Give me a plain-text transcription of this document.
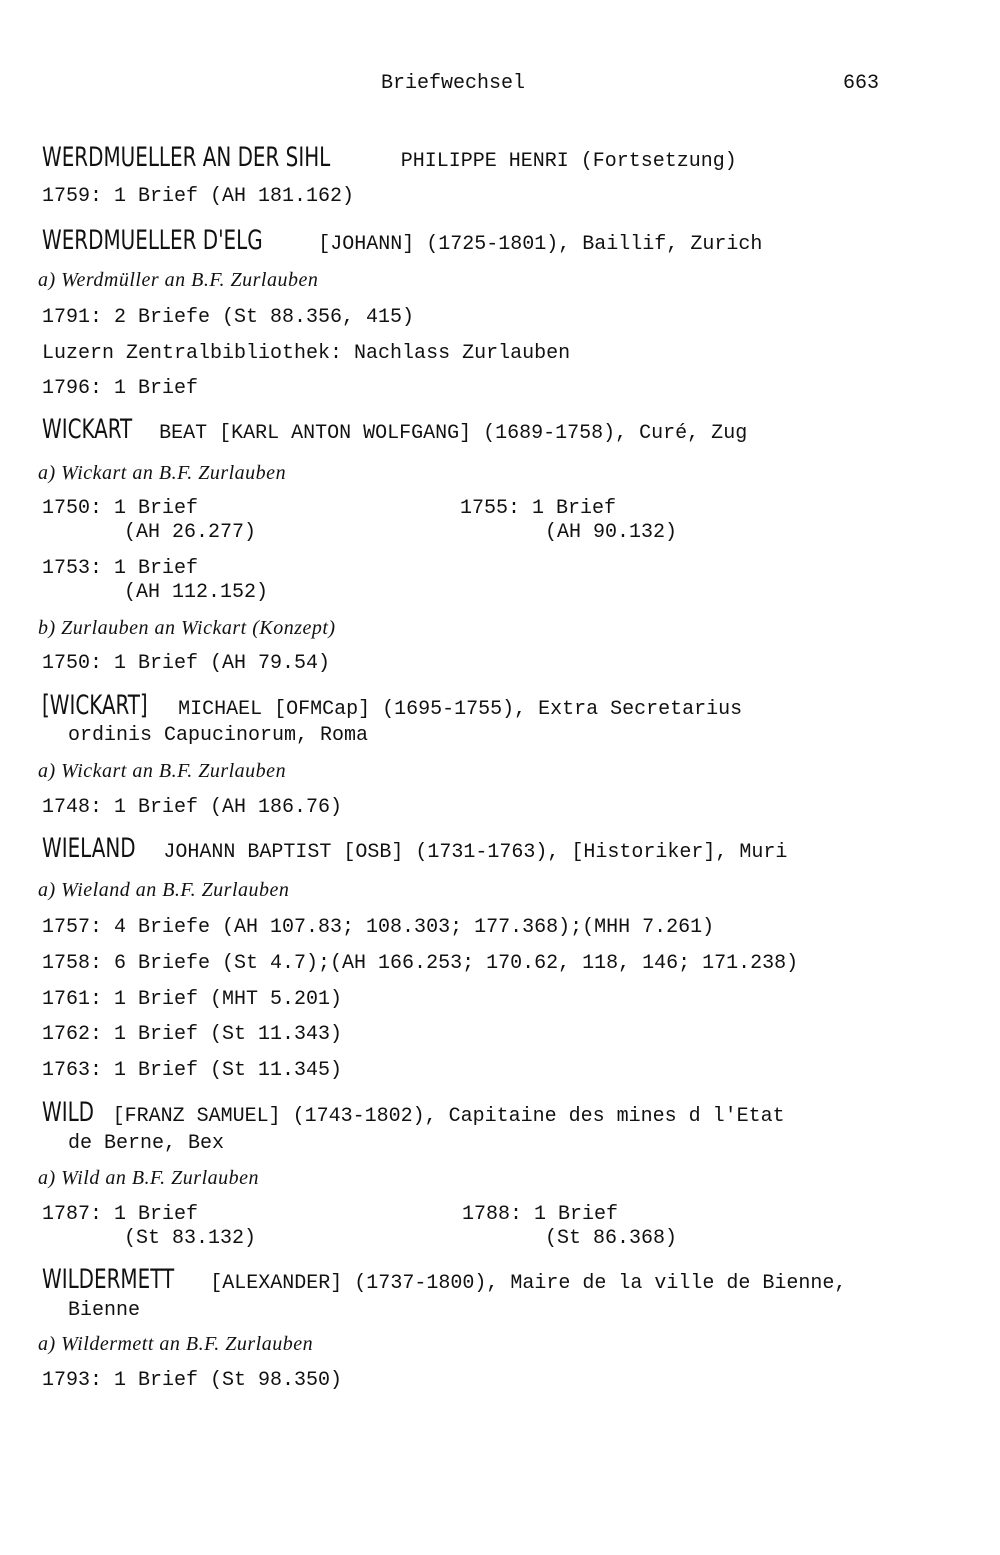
Briefwechsel	663
WERDMUELLER AN DER SIHL	PHILIPPE HENRI (Fortsetzung)
1759: 1 Brief (AH 181.162)
WERDMUELLER D'ELG [JOHANN] (1725-1801), Baillif, Zurich
a) Werdmüller an B.F. Zurlauben
1791: 2 Briefe (St 88.356, 415)
Luzern Zentralbibliothek: Nachlass Zurlauben
1796: 1 Brief
WICKART BEAT [KARL ANTON WOLFGANG] (1689-1758), Curé, Zug
a) Wickart an B.F. Zurlauben
1750: 1 Brief
(AH 26.277)
1755: 1 Brief
(AH 90.132)
1753: 1 Brief
(AH 112.152)
b) Zurlauben an Wickart (Konzept)
1750: 1 Brief (AH 79.54)
[WICKART] MICHAEL [OFMCap] (1695-1755), Extra Secretarius
ordinis Capucinorum, Roma
a) Wickart an B.F. Zurlauben
1748: 1 Brief (AH 186.76)
WIELAND JOHANN BAPTIST [OSB] (1731-1763), [Historiker], Muri
a) Wieland an B.F. Zurlauben
1757: 4 Briefe (AH 107.83; 108.303; 177.368);(MHH 7.261)
1758: 6 Briefe (St 4.7);(AH 166.253; 170.62, 118, 146; 171.238)
1761: 1 Brief (MHT 5.201)
1762: 1 Brief (St 11.343)
1763: 1 Brief (St 11.345)
WILD [FRANZ SAMUEL] (1743-1802), Capitaine des mines d l'Etat
de Berne, Bex
a) Wild an B.F. Zurlauben
1787: 1 Brief
(St 83.132)
1788: 1 Brief
(St 86.368)
WILDERMETT [ALEXANDER] (1737-1800), Maire de la ville de Bienne,
Bienne
a) Wildermett an B.F. Zurlauben
1793: 1 Brief (St 98.350)
